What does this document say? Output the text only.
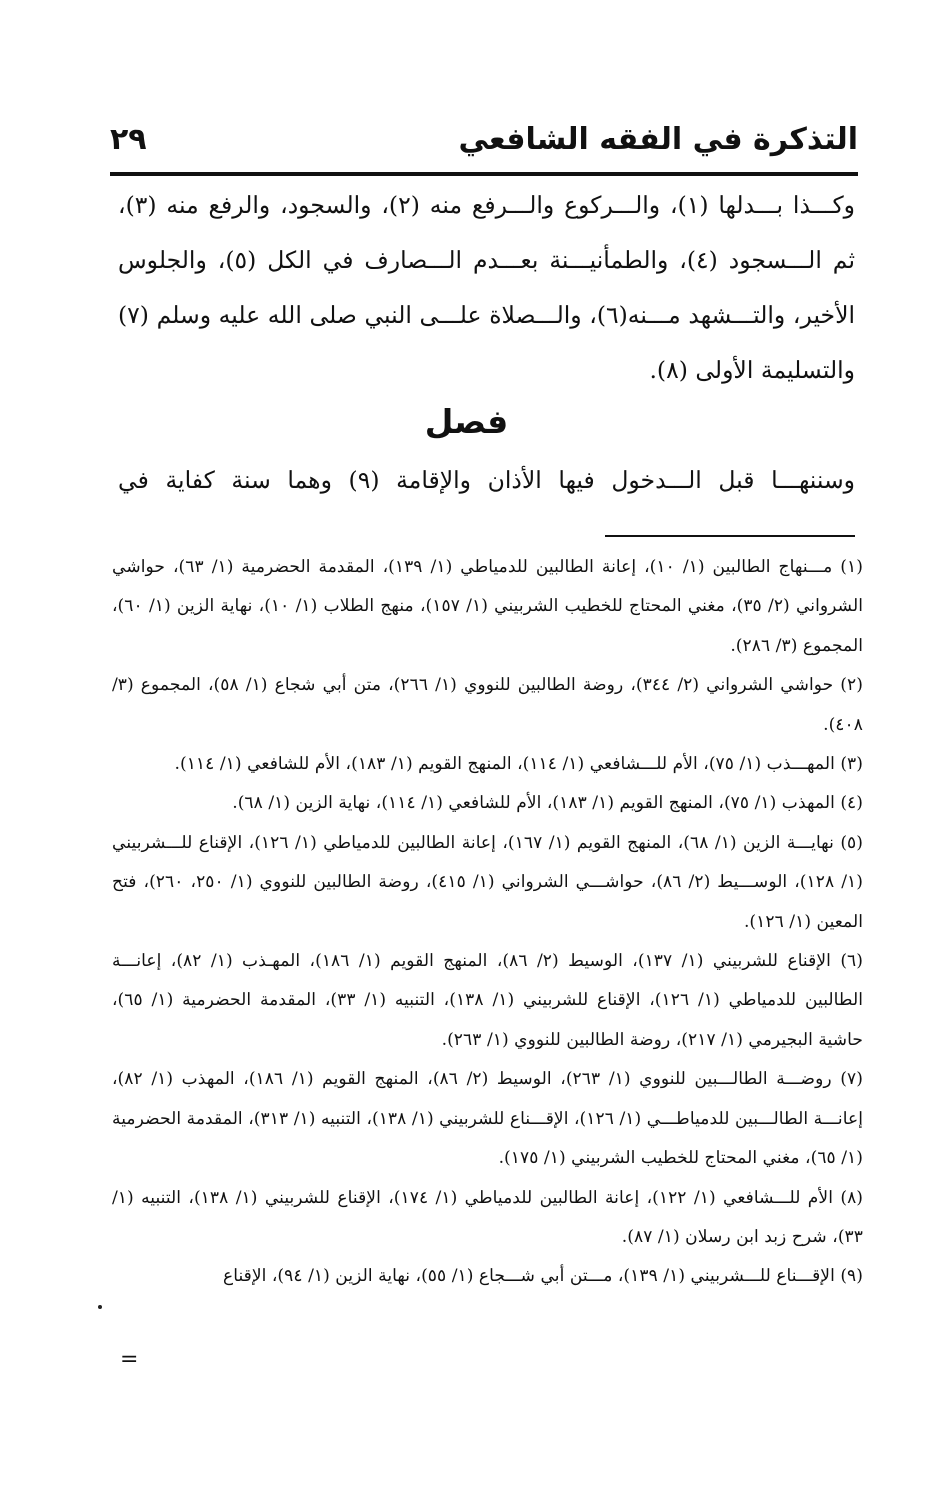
التذكرة في الفقه الشافعي
٢٩

وكـــذا بـــدلها (١)، والـــركوع والـــرفع منه (٢)، والسجود، والرفع منه (٣)، ثم الـــسجود (٤)، والطمأنيـــنة بعـــدم الـــصارف في الكل (٥)، والجلوس الأخير، والتـــشهد مـــنه(٦)، والـــصلاة علـــى النبي صلى الله عليه وسلم (٧) والتسليمة الأولى (٨).

فصل
وسننهـــا قبل الـــدخول فيها الأذان والإقامة (٩) وهما سنة كفاية في

(١) مـــنهاج الطالبين (١/ ١٠)، إعانة الطالبين للدمياطي (١/ ١٣٩)، المقدمة الحضرمية (١/ ٦٣)، حواشي الشرواني (٢/ ٣٥)، مغني المحتاج للخطيب الشربيني (١/ ١٥٧)، منهج الطلاب (١/ ١٠)، نهاية الزين (١/ ٦٠)، المجموع (٣/ ٢٨٦).

(٢) حواشي الشرواني (٢/ ٣٤٤)، روضة الطالبين للنووي (١/ ٢٦٦)، متن أبي شجاع (١/ ٥٨)، المجموع (٣/ ٤٠٨).

(٣) المهـــذب (١/ ٧٥)، الأم للـــشافعي (١/ ١١٤)، المنهج القويم (١/ ١٨٣)، الأم للشافعي (١/ ١١٤).

(٤) المهذب (١/ ٧٥)، المنهج القويم (١/ ١٨٣)، الأم للشافعي (١/ ١١٤)، نهاية الزين (١/ ٦٨).

(٥) نهايـــة الزين (١/ ٦٨)، المنهج القويم (١/ ١٦٧)، إعانة الطالبين للدمياطي (١/ ١٢٦)، الإقناع للـــشربيني (١/ ١٢٨)، الوســـيط (٢/ ٨٦)، حواشـــي الشرواني (١/ ٤١٥)، روضة الطالبين للنووي (١/ ٢٥٠، ٢٦٠)، فتح المعين (١/ ١٢٦).

(٦) الإقناع للشربيني (١/ ١٣٧)، الوسيط (٢/ ٨٦)، المنهج القويم (١/ ١٨٦)، المهـذب (١/ ٨٢)، إعانـــة الطالبين للدمياطي (١/ ١٢٦)، الإقناع للشربيني (١/ ١٣٨)، التنبيه (١/ ٣٣)، المقدمة الحضرمية (١/ ٦٥)، حاشية البجيرمي (١/ ٢١٧)، روضة الطالبين للنووي (١/ ٢٦٣).

(٧) روضـــة الطالـــبين للنووي (١/ ٢٦٣)، الوسيط (٢/ ٨٦)، المنهج القويم (١/ ١٨٦)، المهذب (١/ ٨٢)، إعانـــة الطالـــبين للدمياطـــي (١/ ١٢٦)، الإقـــناع للشربيني (١/ ١٣٨)، التنبيه (١/ ٣١٣)، المقدمة الحضرمية (١/ ٦٥)، مغني المحتاج للخطيب الشربيني (١/ ١٧٥).

(٨) الأم للـــشافعي (١/ ١٢٢)، إعانة الطالبين للدمياطي (١/ ١٧٤)، الإقناع للشربيني (١/ ١٣٨)، التنبيه (١/ ٣٣)، شرح زبد ابن رسلان (١/ ٨٧).

(٩) الإقـــناع للـــشربيني (١/ ١٣٩)، مـــتن أبي شـــجاع (١/ ٥٥)، نهاية الزين (١/ ٩٤)، الإقناع

=
